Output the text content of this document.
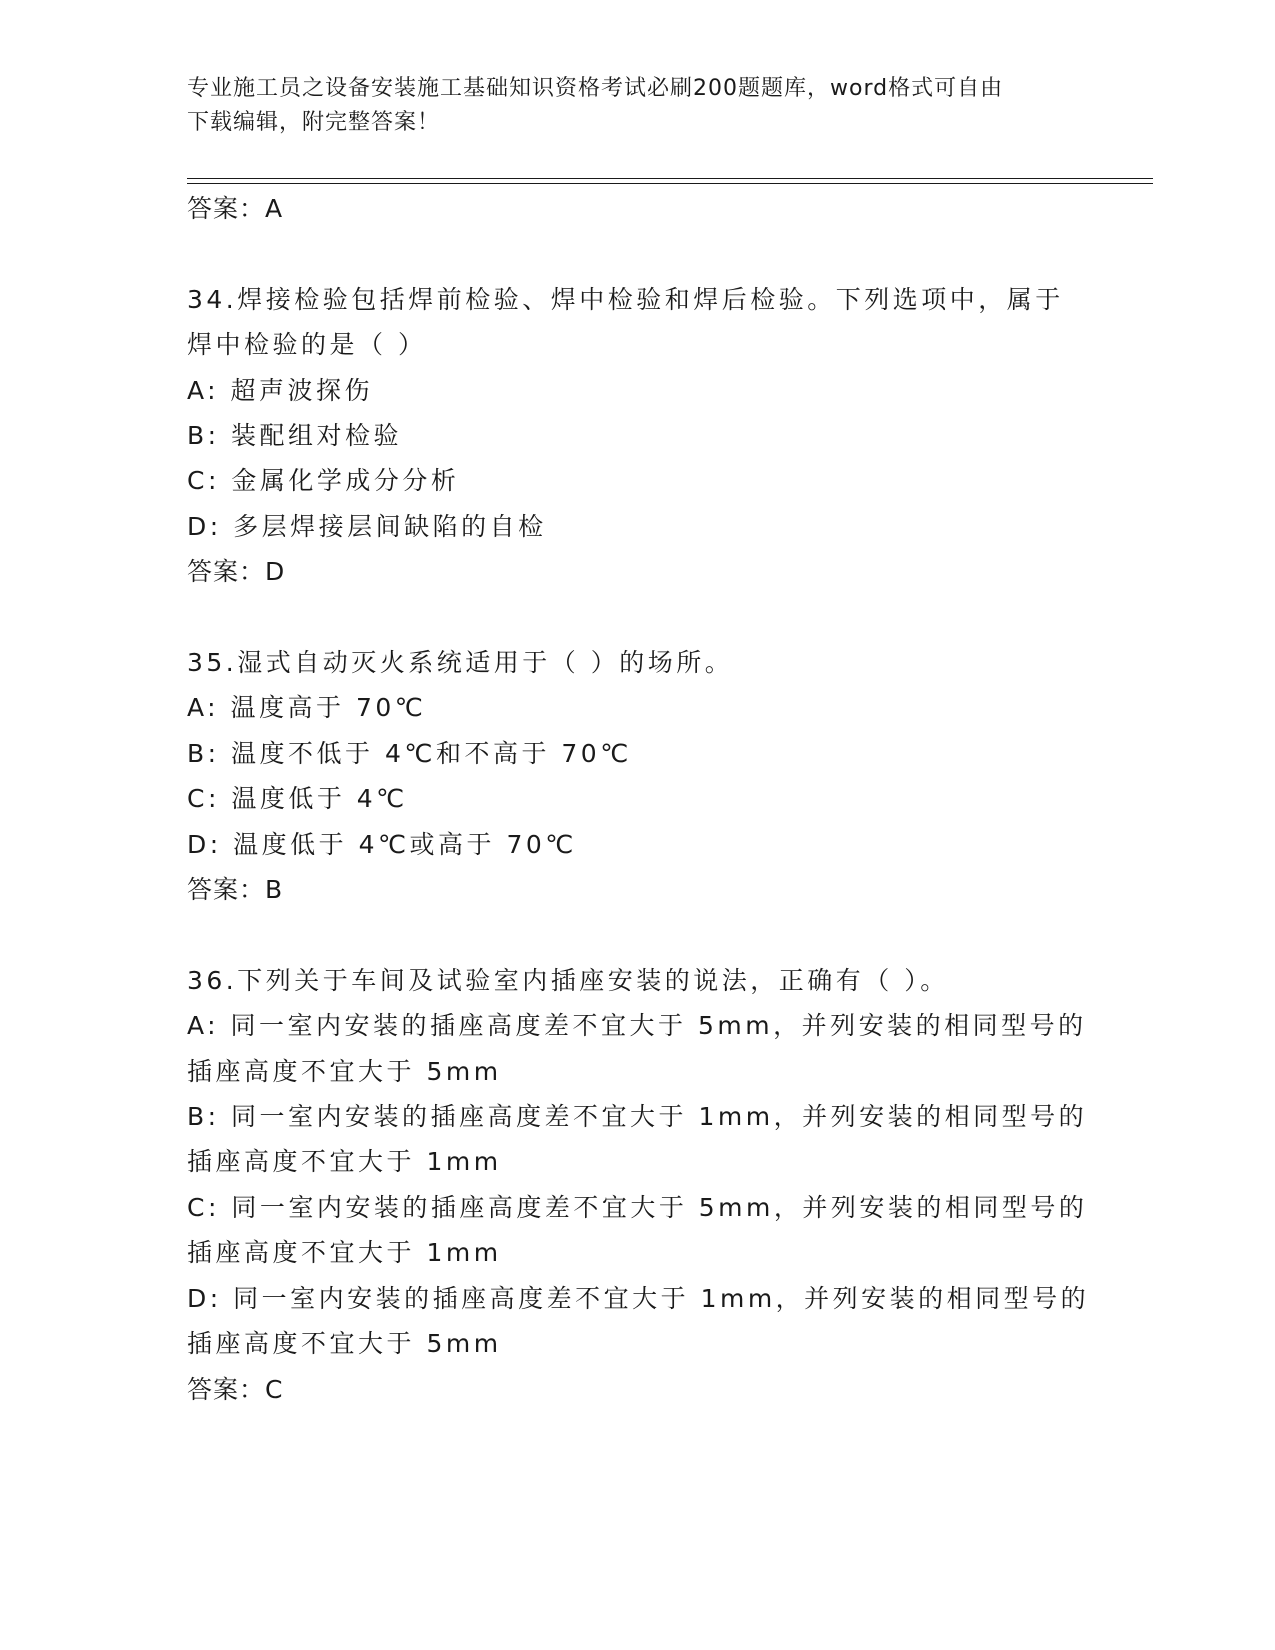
专业施工员之设备安装施工基础知识资格考试必刷200题题库，word格式可自由
下载编辑，附完整答案！
答案：A
34.焊接检验包括焊前检验、焊中检验和焊后检验。下列选项中，属于
焊中检验的是（ ）
A: 超声波探伤
B: 装配组对检验
C: 金属化学成分分析
D: 多层焊接层间缺陷的自检
答案：D
35.湿式自动灭火系统适用于（ ）的场所。
A: 温度高于 70℃
B: 温度不低于 4℃和不高于 70℃
C: 温度低于 4℃
D: 温度低于 4℃或高于 70℃
答案：B
36.下列关于车间及试验室内插座安装的说法，正确有（ ）。
A: 同一室内安装的插座高度差不宜大于 5mm，并列安装的相同型号的
插座高度不宜大于 5mm
B: 同一室内安装的插座高度差不宜大于 1mm，并列安装的相同型号的
插座高度不宜大于 1mm
C: 同一室内安装的插座高度差不宜大于 5mm，并列安装的相同型号的
插座高度不宜大于 1mm
D: 同一室内安装的插座高度差不宜大于 1mm，并列安装的相同型号的
插座高度不宜大于 5mm
答案：C
